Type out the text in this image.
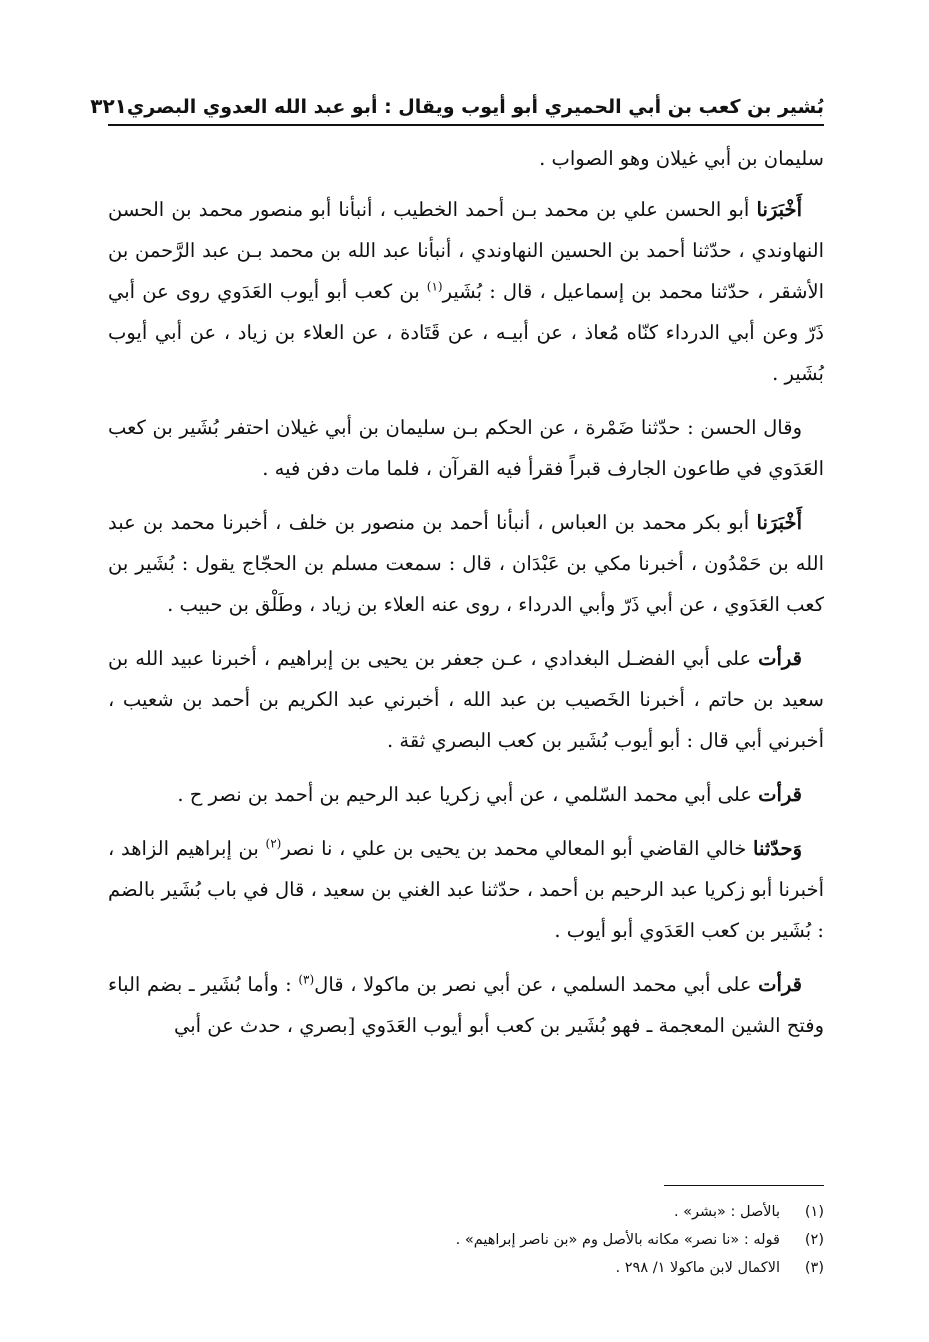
بُشير بن كعب بن أبي الحميري أبو أيوب ويقال : أبو عبد الله العدوي البصري
٣٢١

سليمان بن أبي غيلان وهو الصواب .

أَخْبَرَنا أبو الحسن علي بن محمد بـن أحمد الخطيب ، أنبأنا أبو منصور محمد بن الحسن النهاوندي ، حدّثنا أحمد بن الحسين النهاوندي ، أنبأنا عبد الله بن محمد بـن عبد الرَّحمن بن الأشقر ، حدّثنا محمد بن إسماعيل ، قال : بُشَير$^{(١)}$ بن كعب أبو أيوب العَدَوي روى عن أبي ذَرّ وعن أبي الدرداء كنّاه مُعاذ ، عن أبيـه ، عن قَتَادة ، عن العلاء بن زياد ، عن أبي أيوب بُشَير .

وقال الحسن : حدّثنا ضَمْرة ، عن الحكم بـن سليمان بن أبي غيلان احتفر بُشَير بن كعب العَدَوي في طاعون الجارف قبراً فقرأ فيه القرآن ، فلما مات دفن فيه .

أَخْبَرَنا أبو بكر محمد بن العباس ، أنبأنا أحمد بن منصور بن خلف ، أخبرنا محمد بن عبد الله بن حَمْدُون ، أخبرنا مكي بن عَبْدَان ، قال : سمعت مسلم بن الحجّاج يقول : بُشَير بن كعب العَدَوي ، عن أبي ذَرّ وأبي الدرداء ، روى عنه العلاء بن زياد ، وطَلْق بن حبيب .

قرأت على أبي الفضـل البغدادي ، عـن جعفر بن يحيى بن إبراهيم ، أخبرنا عبيد الله بن سعيد بن حاتم ، أخبرنا الخَصيب بن عبد الله ، أخبرني عبد الكريم بن أحمد بن شعيب ، أخبرني أبي قال : أبو أيوب بُشَير بن كعب البصري ثقة .

قرأت على أبي محمد السّلمي ، عن أبي زكريا عبد الرحيم بن أحمد بن نصر ح .

وَحدّثنا خالي القاضي أبو المعالي محمد بن يحيى بن علي ، نا نصر$^{(٢)}$ بن إبراهيم الزاهد ، أخبرنا أبو زكريا عبد الرحيم بن أحمد ، حدّثنا عبد الغني بن سعيد ، قال في باب بُشَير بالضم : بُشَير بن كعب العَدَوي أبو أيوب .

قرأت على أبي محمد السلمي ، عن أبي نصر بن ماكولا ، قال$^{(٣)}$ : وأما بُشَير ـ بضم الباء وفتح الشين المعجمة ـ فهو بُشَير بن كعب أبو أيوب العَدَوي [بصري ، حدث عن أبي

(١)
بالأصل : «بشر» .
(٢)
قوله : «نا نصر» مكانه بالأصل وم «بن ناصر إبراهيم» .
(٣)
الاكمال لابن ماكولا ١/ ٢٩٨ .
